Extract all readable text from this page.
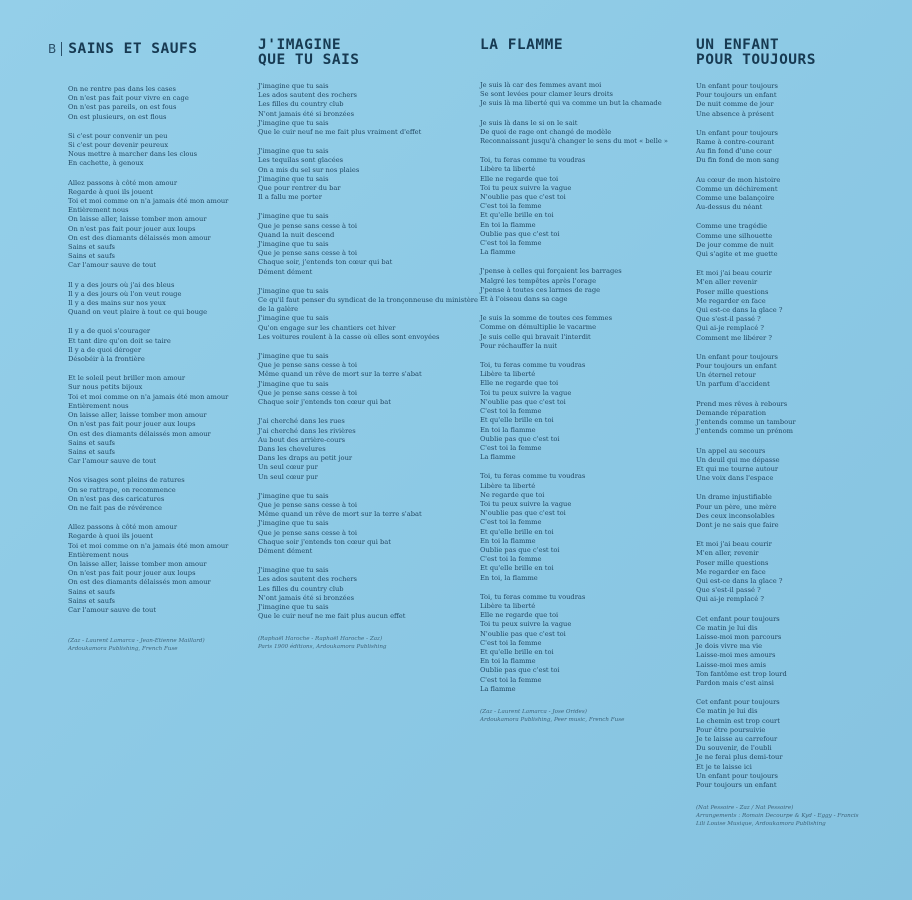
B SAINS ET SAUFS
On ne rentre pas dans les cases
On n'est pas fait pour vivre en cage
On n'est pas pareils, on est fous
On est plusieurs, on est flous
Si c'est pour convenir un peu
Si c'est pour devenir peureux
Nous mettre à marcher dans les clous
En cachette, à genoux
Allez passons à côté mon amour
Regarde à quoi ils jouent
Toi et moi comme on n'a jamais été mon amour
Entièrement nous
On laisse aller, laisse tomber mon amour
On n'est pas fait pour jouer aux loups
On est des diamants délaissés mon amour
Sains et saufs
Sains et saufs
Car l'amour sauve de tout
Il y a des jours où j'ai des bleus
Il y a des jours où l'on veut rouge
Il y a des mains sur nos yeux
Quand on veut plaire à tout ce qui bouge
Il y a de quoi s'courager
Et tant dire qu'on doit se taire
Il y a de quoi déroger
Désobéir à la frontière
Et le soleil peut briller mon amour
Sur nous petits bijoux
Toi et moi comme on n'a jamais été mon amour
Entièrement nous
On laisse aller, laisse tomber mon amour
On n'est pas fait pour jouer aux loups
On est des diamants délaissés mon amour
Sains et saufs
Sains et saufs
Car l'amour sauve de tout
Nos visages sont pleins de ratures
On se rattrape, on recommence
On n'est pas des caricatures
On ne fait pas de révérence
Allez passons à côté mon amour
Regarde à quoi ils jouent
Toi et moi comme on n'a jamais été mon amour
Entièrement nous
On laisse aller, laisse tomber mon amour
On n'est pas fait pour jouer aux loups
On est des diamants délaissés mon amour
Sains et saufs
Sains et saufs
Car l'amour sauve de tout
(Zaz - Laurent Lamarca - Jean-Etienne Maillard)
Ardoukamora Publishing, French Fuse
J'IMAGINE
QUE TU SAIS
J'imagine que tu sais
Les ados sautent des rochers
Les filles du country club
N'ont jamais été si bronzées
J'imagine que tu sais
Que le cuir neuf ne me fait plus vraiment d'effet
J'imagine que tu sais
Les tequilas sont glacées
On a mis du sel sur nos plaies
J'imagine que tu sais
Que pour rentrer du bar
Il a fallu me porter
J'imagine que tu sais
Que je pense sans cesse à toi
Quand la nuit descend
J'imagine que tu sais
Que je pense sans cesse à toi
Chaque soir, j'entends ton cœur qui bat
Dément dément
J'imagine que tu sais
Ce qu'il faut penser du syndicat de la tronçonneuse du ministère
de la galère
J'imagine que tu sais
Qu'on engage sur les chantiers cet hiver
Les voitures roulent à la casse où elles sont envoyées
J'imagine que tu sais
Que je pense sans cesse à toi
Même quand un rêve de mort sur la terre s'abat
J'imagine que tu sais
Que je pense sans cesse à toi
Chaque soir j'entends ton cœur qui bat
J'ai cherché dans les rues
J'ai cherché dans les rivières
Au bout des arrière-cours
Dans les chevelures
Dans les draps au petit jour
Un seul cœur pur
Un seul cœur pur
J'imagine que tu sais
Que je pense sans cesse à toi
Même quand un rêve de mort sur la terre s'abat
J'imagine que tu sais
Que je pense sans cesse à toi
Chaque soir j'entends ton cœur qui bat
Dément dément
J'imagine que tu sais
Les ados sautent des rochers
Les filles du country club
N'ont jamais été si bronzées
J'imagine que tu sais
Que le cuir neuf ne me fait plus aucun effet
(Raphaël Haroche - Raphaël Haroche - Zaz)
Paris 1900 éditions, Ardoukamora Publishing
LA FLAMME
Je suis là car des femmes avant moi
Se sont levées pour clamer leurs droits
Je suis là ma liberté qui va comme un but la chamade
Je suis là dans le si on le sait
De quoi de rage ont changé de modèle
Reconnaissant jusqu'à changer le sens du mot « belle »
Toi, tu feras comme tu voudras
Libère ta liberté
Elle ne regarde que toi
Toi tu peux suivre la vague
N'oublie pas que c'est toi
C'est toi la femme
Et qu'elle brille en toi
En toi la flamme
Oublie pas que c'est toi
C'est toi la femme
La flamme
J'pense à celles qui forçaient les barrages
Malgré les tempêtes après l'orage
J'pense à toutes ces larmes de rage
Et à l'oiseau dans sa cage
Je suis la somme de toutes ces femmes
Comme on démultiplie le vacarme
Je suis celle qui bravait l'interdit
Pour réchauffer la nuit
Toi, tu feras comme tu voudras
Libère ta liberté
Elle ne regarde que toi
Toi tu peux suivre la vague
N'oublie pas que c'est toi
C'est toi la femme
Et qu'elle brille en toi
En toi la flamme
Oublie pas que c'est toi
C'est toi la femme
La flamme
Toi, tu feras comme tu voudras
Libère ta liberté
Ne regarde que toi
Toi tu peux suivre la vague
N'oublie pas que c'est toi
C'est toi la femme
Et qu'elle brille en toi
En toi la flamme
Oublie pas que c'est toi
C'est toi la femme
Et qu'elle brille en toi
En toi, la flamme
Toi, tu feras comme tu voudras
Libère ta liberté
Elle ne regarde que toi
Toi tu peux suivre la vague
N'oublie pas que c'est toi
C'est toi la femme
Et qu'elle brille en toi
En toi la flamme
Oublie pas que c'est toi
C'est toi la femme
La flamme
(Zaz - Laurent Lamarca - Jose Orides)
Ardoukamora Publishing, Peer music, French Fuse
UN ENFANT
POUR TOUJOURS
Un enfant pour toujours
Pour toujours un enfant
De nuit comme de jour
Une absence à présent
Un enfant pour toujours
Rame à contre-courant
Au fin fond d'une cour
Du fin fond de mon sang
Au cœur de mon histoire
Comme un déchirement
Comme une balançoire
Au-dessus du néant
Comme une tragédie
Comme une silhouette
De jour comme de nuit
Qui s'agite et me guette
Et moi j'ai beau courir
M'en aller revenir
Poser mille questions
Me regarder en face
Qui est-ce dans la glace ?
Que s'est-il passé ?
Qui ai-je remplacé ?
Comment me libérer ?
Un enfant pour toujours
Pour toujours un enfant
Un éternel retour
Un parfum d'accident
Prend mes rêves à rebours
Demande réparation
J'entends comme un tambour
J'entends comme un prénom
Un appel au secours
Un deuil qui me dépasse
Et qui me tourne autour
Une voix dans l'espace
Un drame injustifiable
Pour un père, une mère
Des ceux inconsolables
Dont je ne sais que faire
Et moi j'ai beau courir
M'en aller, revenir
Poser mille questions
Me regarder en face
Qui est-ce dans la glace ?
Que s'est-il passé ?
Qui ai-je remplacé ?
Cet enfant pour toujours
Ce matin je lui dis
Laisse-moi mon parcours
Je dois vivre ma vie
Laisse-moi mes amours
Laisse-moi mes amis
Ton fantôme est trop lourd
Pardon mais c'est ainsi
Cet enfant pour toujours
Ce matin je lui dis
Le chemin est trop court
Pour être poursuivie
Je te laisse au carrefour
Du souvenir, de l'oubli
Je ne ferai plus demi-tour
Et je te laisse ici
Un enfant pour toujours
Pour toujours un enfant
(Nat Pessoire - Zaz / Nat Pessoire)
Arrangements : Romain Decourpe & Kyd - Eggy - Francis
Lili Louise Musique, Ardoukamora Publishing
